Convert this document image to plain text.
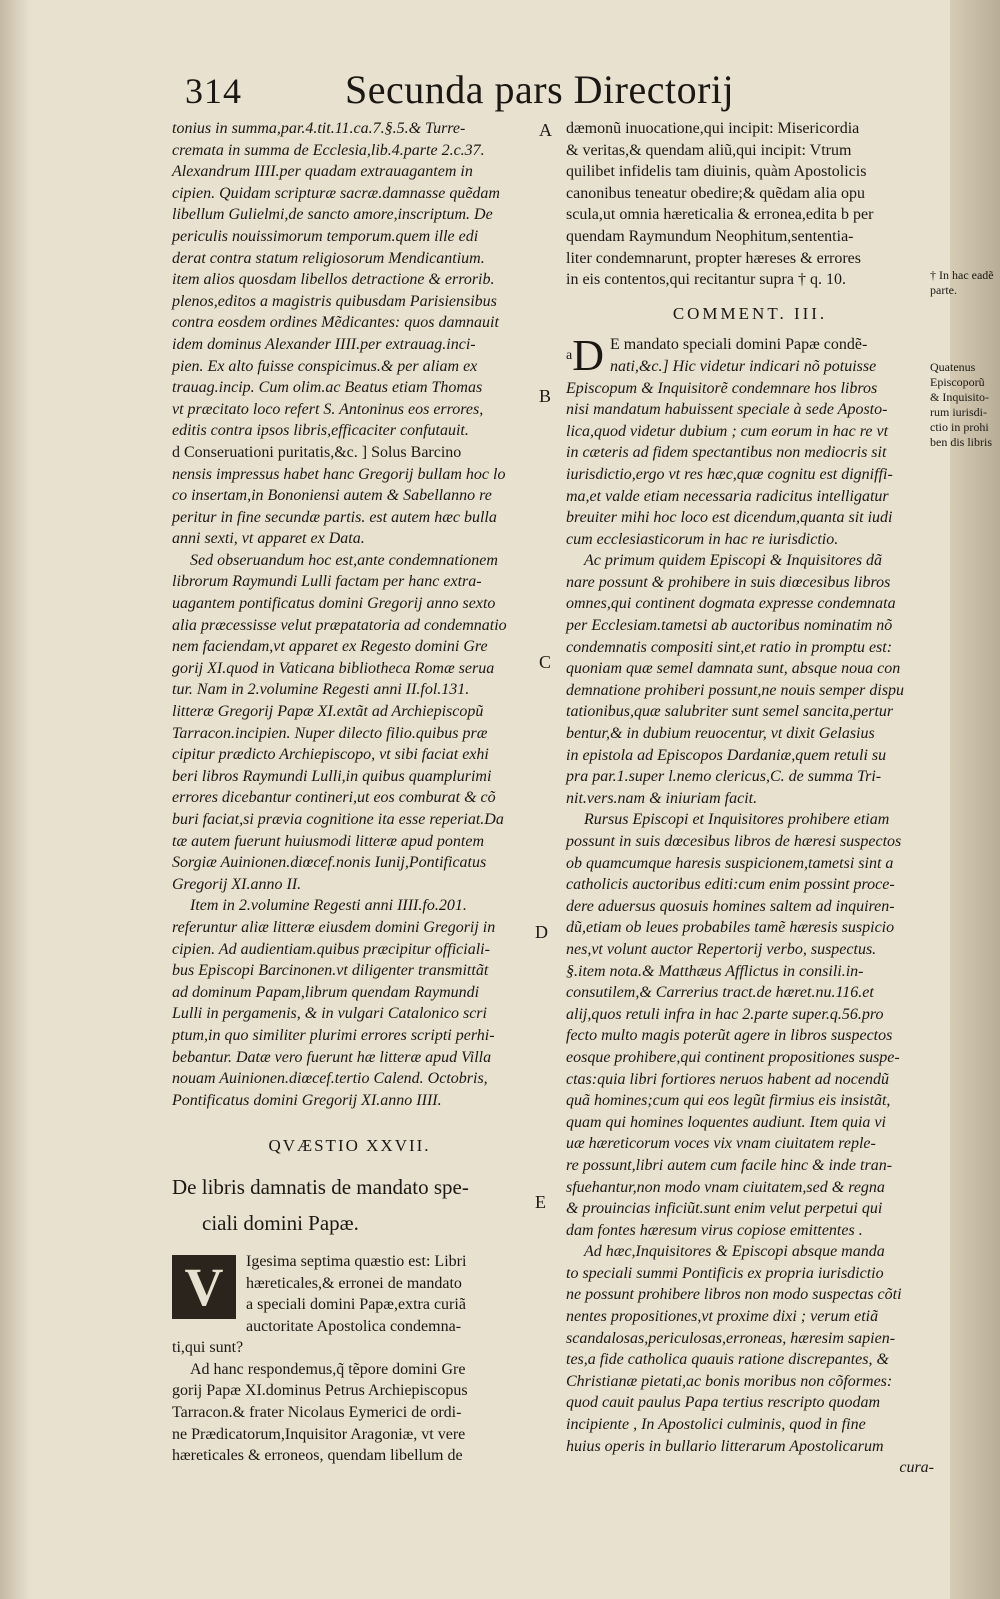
314	Secunda pars Directorij
A
B
C
D
E

tonius in summa,par.4.tit.11.ca.7.§.5.& Turre-

cremata in summa de Ecclesia,lib.4.parte 2.c.37.

Alexandrum IIII.per quadam extrauagantem in

cipien. Quidam scripturæ sacræ.damnasse quẽdam

libellum Gulielmi,de sancto amore,inscriptum. De

periculis nouissimorum temporum.quem ille edi

derat contra statum religiosorum Mendicantium.

item alios quosdam libellos detractione & errorib.

plenos,editos a magistris quibusdam Parisiensibus

contra eosdem ordines Mẽdicantes: quos damnauit

idem dominus Alexander IIII.per extrauag.inci-

pien. Ex alto fuisse conspicimus.& per aliam ex

trauag.incip. Cum olim.ac Beatus etiam Thomas

vt præcitato loco refert S. Antoninus eos errores,

editis contra ipsos libris,efficaciter confutauit.

d Conseruationi puritatis,&c. ] Solus Barcino

nensis impressus habet hanc Gregorij bullam hoc lo

co insertam,in Bononiensi autem & Sabellanno re

peritur in fine secundæ partis. est autem hæc bulla

anni sexti, vt apparet ex Data.

Sed obseruandum hoc est,ante condemnationem

librorum Raymundi Lulli factam per hanc extra-

uagantem pontificatus domini Gregorij anno sexto

alia præcessisse velut præpatatoria ad condemnatio

nem faciendam,vt apparet ex Regesto domini Gre

gorij XI.quod in Vaticana bibliotheca Romæ serua

tur. Nam in 2.volumine Regesti anni II.fol.131.

litteræ Gregorij Papæ XI.extãt ad Archiepiscopũ

Tarracon.incipien. Nuper dilecto filio.quibus præ

cipitur prædicto Archiepiscopo, vt sibi faciat exhi

beri libros Raymundi Lulli,in quibus quamplurimi

errores dicebantur contineri,ut eos comburat & cõ

buri faciat,si prævia cognitione ita esse reperiat.Da

tæ autem fuerunt huiusmodi litteræ apud pontem

Sorgiæ Auinionen.diœcef.nonis Iunij,Pontificatus

Gregorij XI.anno II.

Item in 2.volumine Regesti anni IIII.fo.201.

referuntur aliæ litteræ eiusdem domini Gregorij in

cipien. Ad audientiam.quibus præcipitur officiali-

bus Episcopi Barcinonen.vt diligenter transmittãt

ad dominum Papam,librum quendam Raymundi

Lulli in pergamenis, & in vulgari Catalonico scri

ptum,in quo similiter plurimi errores scripti perhi-

bebantur. Datæ vero fuerunt hæ litteræ apud Villa

nouam Auinionen.diœcef.tertio Calend. Octobris,

Pontificatus domini Gregorij XI.anno IIII.

QVÆSTIO XXVII.

De libris damnatis de mandato spe-

ciali domini Papæ.

V	Igesima septima quæstio est: Libri

hæreticales,& erronei de mandato

a speciali domini Papæ,extra curiã

auctoritate Apostolica condemna-

ti,qui sunt?

Ad hanc respondemus,q̃ tẽpore domini Gre

gorij Papæ XI.dominus Petrus Archiepiscopus

Tarracon.& frater Nicolaus Eymerici de ordi-

ne Prædicatorum,Inquisitor Aragoniæ, vt vere

hæreticales & erroneos, quendam libellum de

dæmonũ inuocatione,qui incipit: Misericordia

& veritas,& quendam aliũ,qui incipit: Vtrum

quilibet infidelis tam diuinis, quàm Apostolicis

canonibus teneatur obedire;& quẽdam alia opu

scula,ut omnia hæreticalia & erronea,edita b per

quendam Raymundum Neophitum,sententia-

liter condemnarunt, propter hæreses & errores

in eis contentos,qui recitantur supra † q. 10.

COMMENT. III.

$^a$D E mandato speciali domini Papæ condẽ-

nati,&c.] Hic videtur indicari nõ potuisse

Episcopum & Inquisitorẽ condemnare hos libros

nisi mandatum habuissent speciale à sede Aposto-

lica,quod videtur dubium ; cum eorum in hac re vt

in cæteris ad fidem spectantibus non mediocris sit

iurisdictio,ergo vt res hæc,quæ cognitu est digniffi-

ma,et valde etiam necessaria radicitus intelligatur

breuiter mihi hoc loco est dicendum,quanta sit iudi

cum ecclesiasticorum in hac re iurisdictio.

Ac primum quidem Episcopi & Inquisitores dã

nare possunt & prohibere in suis diœcesibus libros

omnes,qui continent dogmata expresse condemnata

per Ecclesiam.tametsi ab auctoribus nominatim nõ

condemnatis compositi sint,et ratio in promptu est:

quoniam quæ semel damnata sunt, absque noua con

demnatione prohiberi possunt,ne nouis semper dispu

tationibus,quæ salubriter sunt semel sancita,pertur

bentur,& in dubium reuocentur, vt dixit Gelasius

in epistola ad Episcopos Dardaniæ,quem retuli su

pra par.1.super l.nemo clericus,C. de summa Tri-

nit.vers.nam & iniuriam facit.

Rursus Episcopi et Inquisitores prohibere etiam

possunt in suis dœcesibus libros de hæresi suspectos

ob quamcumque haresis suspicionem,tametsi sint a

catholicis auctoribus editi:cum enim possint proce-

dere aduersus quosuis homines saltem ad inquiren-

dũ,etiam ob leues probabiles tamẽ hæresis suspicio

nes,vt volunt auctor Repertorij verbo, suspectus.

§.item nota.& Matthæus Afflictus in consili.in-

consutilem,& Carrerius tract.de hæret.nu.116.et

alij,quos retuli infra in hac 2.parte super.q.56.pro

fecto multo magis poterũt agere in libros suspectos

eosque prohibere,qui continent propositiones suspe-

ctas:quia libri fortiores neruos habent ad nocendũ

quã homines;cum qui eos legũt firmius eis insistãt,

quam qui homines loquentes audiunt. Item quia vi

uæ hæreticorum voces vix vnam ciuitatem reple-

re possunt,libri autem cum facile hinc & inde tran-

sfuehantur,non modo vnam ciuitatem,sed & regna

& prouincias inficiũt.sunt enim velut perpetui qui

dam fontes hæresum virus copiose emittentes .

Ad hæc,Inquisitores & Episcopi absque manda

to speciali summi Pontificis ex propria iurisdictio

ne possunt prohibere libros non modo suspectas cõti

nentes propositiones,vt proxime dixi ; verum etiã

scandalosas,periculosas,erroneas, hæresim sapien-

tes,a fide catholica quauis ratione discrepantes, &

Christianæ pietati,ac bonis moribus non cõformes:

quod cauit paulus Papa tertius rescripto quodam

incipiente , In Apostolici culminis, quod in fine

huius operis in bullario litterarum Apostolicarum

cura-

† In hac eadẽ
parte.
Quatenus
Episcoporũ
& Inquisito-
rum iurisdi-
ctio in prohi
ben dis libris
